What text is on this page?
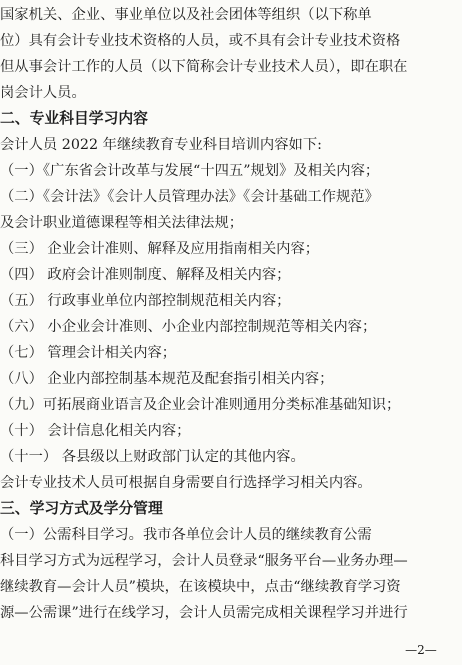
国家机关、企业、事业单位以及社会团体等组织（以下称单
位）具有会计专业技术资格的人员，或不具有会计专业技术资格
但从事会计工作的人员（以下简称会计专业技术人员），即在职在
岗会计人员。
二、专业科目学习内容
会计人员 2022 年继续教育专业科目培训内容如下:
（一）《广东省会计改革与发展“十四五”规划》及相关内容；
（二）《会计法》《会计人员管理办法》《会计基础工作规范》
及会计职业道德课程等相关法律法规；
（三） 企业会计准则、解释及应用指南相关内容；
（四） 政府会计准则制度、解释及相关内容；
（五） 行政事业单位内部控制规范相关内容；
（六） 小企业会计准则、小企业内部控制规范等相关内容；
（七） 管理会计相关内容；
（八） 企业内部控制基本规范及配套指引相关内容；
（九）可拓展商业语言及企业会计准则通用分类标准基础知识；
（十） 会计信息化相关内容；
（十一） 各县级以上财政部门认定的其他内容。
会计专业技术人员可根据自身需要自行选择学习相关内容。
三、学习方式及学分管理
（一）公需科目学习。我市各单位会计人员的继续教育公需
科目学习方式为远程学习，会计人员登录“服务平台—业务办理—
继续教育—会计人员”模块，在该模块中，点击“继续教育学习资
源—公需课”进行在线学习，会计人员需完成相关课程学习并进行
—2—
